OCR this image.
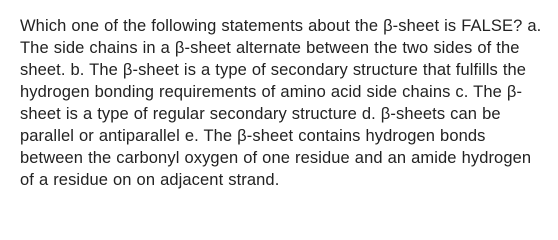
Which one of the following statements about the β-sheet is FALSE? a. The side chains in a β-sheet alternate between the two sides of the sheet. b. The β-sheet is a type of secondary structure that fulfills the hydrogen bonding requirements of amino acid side chains c. The β-sheet is a type of regular secondary structure d. β-sheets can be parallel or antiparallel e. The β-sheet contains hydrogen bonds between the carbonyl oxygen of one residue and an amide hydrogen of a residue on on adjacent strand.
